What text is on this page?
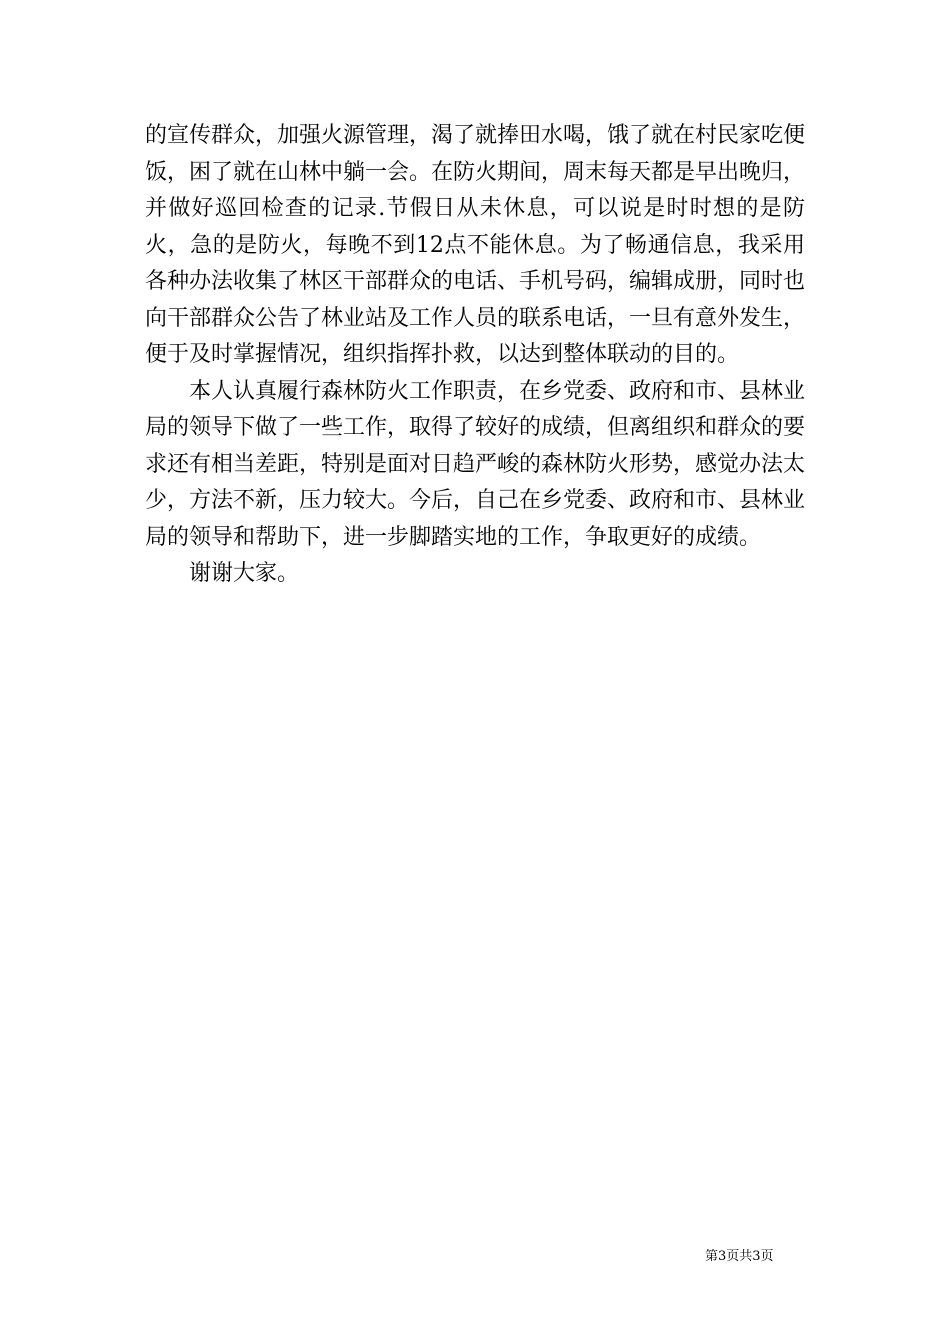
的宣传群众，加强火源管理，渴了就捧田水喝，饿了就在村民家吃便饭，困了就在山林中躺一会。在防火期间，周末每天都是早出晚归，并做好巡回检查的记录.节假日从未休息，可以说是时时想的是防火，急的是防火，每晚不到12点不能休息。为了畅通信息，我采用各种办法收集了林区干部群众的电话、手机号码，编辑成册，同时也向干部群众公告了林业站及工作人员的联系电话，一旦有意外发生，便于及时掌握情况，组织指挥扑救，以达到整体联动的目的。

本人认真履行森林防火工作职责，在乡党委、政府和市、县林业局的领导下做了一些工作，取得了较好的成绩，但离组织和群众的要求还有相当差距，特别是面对日趋严峻的森林防火形势，感觉办法太少，方法不新，压力较大。今后，自己在乡党委、政府和市、县林业局的领导和帮助下，进一步脚踏实地的工作，争取更好的成绩。

谢谢大家。

第3页共3页
